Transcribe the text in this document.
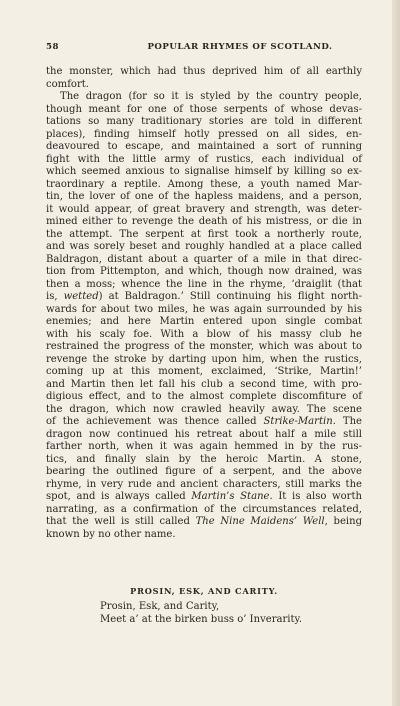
58	POPULAR RHYMES OF SCOTLAND.
the monster, which had thus deprived him of all earthly
comfort.
The dragon (for so it is styled by the country people,
though meant for one of those serpents of whose devas-
tations so many traditionary stories are told in different
places), finding himself hotly pressed on all sides, en-
deavoured to escape, and maintained a sort of running
fight with the little army of rustics, each individual of
which seemed anxious to signalise himself by killing so ex-
traordinary a reptile. Among these, a youth named Mar-
tin, the lover of one of the hapless maidens, and a person,
it would appear, of great bravery and strength, was deter-
mined either to revenge the death of his mistress, or die in
the attempt. The serpent at first took a northerly route,
and was sorely beset and roughly handled at a place called
Baldragon, distant about a quarter of a mile in that direc-
tion from Pittempton, and which, though now drained, was
then a moss; whence the line in the rhyme, ‘draiglit (that
is, wetted) at Baldragon.’ Still continuing his flight north-
wards for about two miles, he was again surrounded by his
enemies; and here Martin entered upon single combat
with his scaly foe. With a blow of his massy club he
restrained the progress of the monster, which was about to
revenge the stroke by darting upon him, when the rustics,
coming up at this moment, exclaimed, ‘Strike, Martin!’
and Martin then let fall his club a second time, with pro-
digious effect, and to the almost complete discomfiture of
the dragon, which now crawled heavily away. The scene
of the achievement was thence called Strike-Martin. The
dragon now continued his retreat about half a mile still
farther north, when it was again hemmed in by the rus-
tics, and finally slain by the heroic Martin. A stone,
bearing the outlined figure of a serpent, and the above
rhyme, in very rude and ancient characters, still marks the
spot, and is always called Martin’s Stane. It is also worth
narrating, as a confirmation of the circumstances related,
that the well is still called The Nine Maidens’ Well, being
known by no other name.
PROSIN, ESK, AND CARITY.
Prosin, Esk, and Carity,
Meet a’ at the birken buss o’ Inverarity.
